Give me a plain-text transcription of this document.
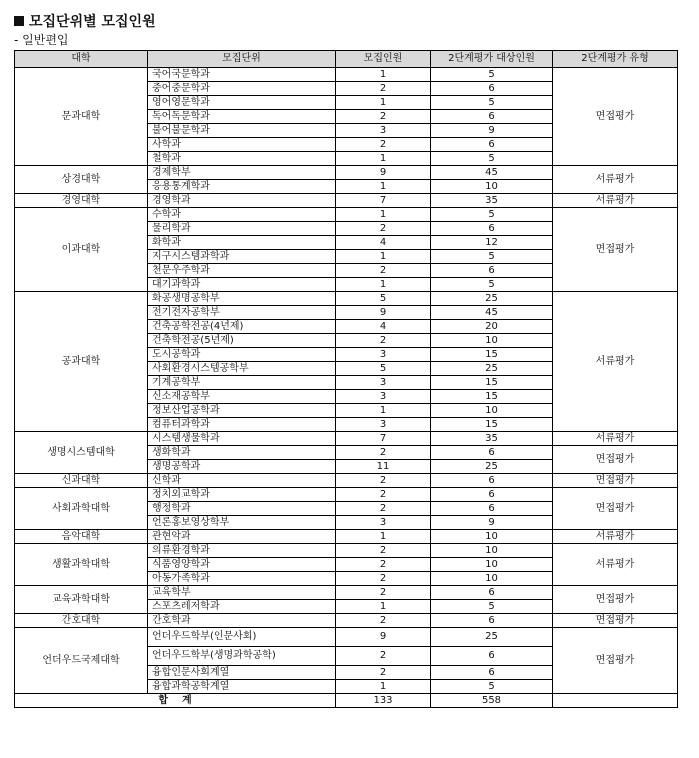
모집단위별 모집인원
- 일반편입
대학	모집단위	모집인원	2단계평가 대상인원	2단계평가 유형
문과대학	국어국문학과	1	5	면접평가
	중어중문학과	2	6	
	영어영문학과	1	5	
	독어독문학과	2	6	
	불어불문학과	3	9	
	사학과	2	6	
	철학과	1	5	
상경대학	경제학부	9	45	서류평가
	응용통계학과	1	10	
경영대학	경영학과	7	35	서류평가
이과대학	수학과	1	5	면접평가
	물리학과	2	6	
	화학과	4	12	
	지구시스템과학과	1	5	
	천문우주학과	2	6	
	대기과학과	1	5	
공과대학	화공생명공학부	5	25	서류평가
	전기전자공학부	9	45	
	건축공학전공(4년제)	4	20	
	건축학전공(5년제)	2	10	
	도시공학과	3	15	
	사회환경시스템공학부	5	25	
	기계공학부	3	15	
	신소재공학부	3	15	
	정보산업공학과	1	10	
	컴퓨터과학과	3	15	
생명시스템대학	시스템생물학과	7	35	서류평가
	생화학과	2	6	면접평가
	생명공학과	11	25	
신과대학	신학과	2	6	면접평가
사회과학대학	정치외교학과	2	6	면접평가
	행정학과	2	6	
	언론홍보영상학부	3	9	
음악대학	관현악과	1	10	서류평가
생활과학대학	의류환경학과	2	10	서류평가
	식품영양학과	2	10	
	아동가족학과	2	10	
교육과학대학	교육학부	2	6	면접평가
	스포츠레저학과	1	5	
간호대학	간호학과	2	6	면접평가
언더우드국제대학	언더우드학부(인문사회)	9	25	면접평가
	언더우드학부(생명과학공학)	2	6	
	융합인문사회계열	2	6	
	융합과학공학계열	1	5	
합    계		133	558	
